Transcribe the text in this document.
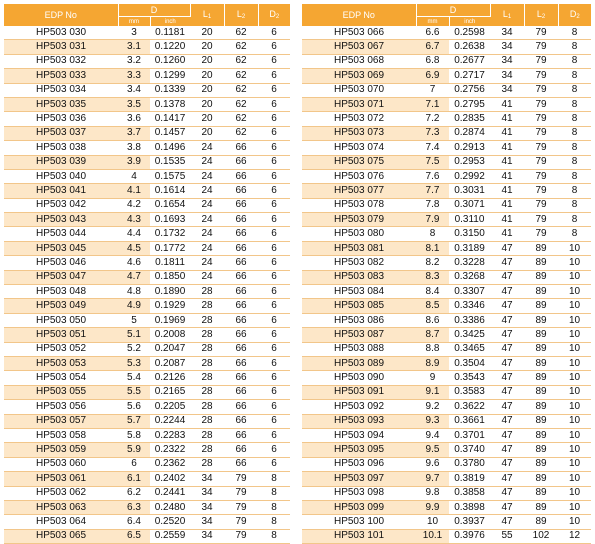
EDP No	D		$L_1$	$L_2$	$D_2$
	mm	inch			
HP503 030	3	0.1181	20	62	6
HP503 031	3.1	0.1220	20	62	6
HP503 032	3.2	0.1260	20	62	6
HP503 033	3.3	0.1299	20	62	6
HP503 034	3.4	0.1339	20	62	6
HP503 035	3.5	0.1378	20	62	6
HP503 036	3.6	0.1417	20	62	6
HP503 037	3.7	0.1457	20	62	6
HP503 038	3.8	0.1496	24	66	6
HP503 039	3.9	0.1535	24	66	6
HP503 040	4	0.1575	24	66	6
HP503 041	4.1	0.1614	24	66	6
HP503 042	4.2	0.1654	24	66	6
HP503 043	4.3	0.1693	24	66	6
HP503 044	4.4	0.1732	24	66	6
HP503 045	4.5	0.1772	24	66	6
HP503 046	4.6	0.1811	24	66	6
HP503 047	4.7	0.1850	24	66	6
HP503 048	4.8	0.1890	28	66	6
HP503 049	4.9	0.1929	28	66	6
HP503 050	5	0.1969	28	66	6
HP503 051	5.1	0.2008	28	66	6
HP503 052	5.2	0.2047	28	66	6
HP503 053	5.3	0.2087	28	66	6
HP503 054	5.4	0.2126	28	66	6
HP503 055	5.5	0.2165	28	66	6
HP503 056	5.6	0.2205	28	66	6
HP503 057	5.7	0.2244	28	66	6
HP503 058	5.8	0.2283	28	66	6
HP503 059	5.9	0.2322	28	66	6
HP503 060	6	0.2362	28	66	6
HP503 061	6.1	0.2402	34	79	8
HP503 062	6.2	0.2441	34	79	8
HP503 063	6.3	0.2480	34	79	8
HP503 064	6.4	0.2520	34	79	8
HP503 065	6.5	0.2559	34	79	8
EDP No	D		$L_1$	$L_2$	$D_2$
	mm	inch			
HP503 066	6.6	0.2598	34	79	8
HP503 067	6.7	0.2638	34	79	8
HP503 068	6.8	0.2677	34	79	8
HP503 069	6.9	0.2717	34	79	8
HP503 070	7	0.2756	34	79	8
HP503 071	7.1	0.2795	41	79	8
HP503 072	7.2	0.2835	41	79	8
HP503 073	7.3	0.2874	41	79	8
HP503 074	7.4	0.2913	41	79	8
HP503 075	7.5	0.2953	41	79	8
HP503 076	7.6	0.2992	41	79	8
HP503 077	7.7	0.3031	41	79	8
HP503 078	7.8	0.3071	41	79	8
HP503 079	7.9	0.3110	41	79	8
HP503 080	8	0.3150	41	79	8
HP503 081	8.1	0.3189	47	89	10
HP503 082	8.2	0.3228	47	89	10
HP503 083	8.3	0.3268	47	89	10
HP503 084	8.4	0.3307	47	89	10
HP503 085	8.5	0.3346	47	89	10
HP503 086	8.6	0.3386	47	89	10
HP503 087	8.7	0.3425	47	89	10
HP503 088	8.8	0.3465	47	89	10
HP503 089	8.9	0.3504	47	89	10
HP503 090	9	0.3543	47	89	10
HP503 091	9.1	0.3583	47	89	10
HP503 092	9.2	0.3622	47	89	10
HP503 093	9.3	0.3661	47	89	10
HP503 094	9.4	0.3701	47	89	10
HP503 095	9.5	0.3740	47	89	10
HP503 096	9.6	0.3780	47	89	10
HP503 097	9.7	0.3819	47	89	10
HP503 098	9.8	0.3858	47	89	10
HP503 099	9.9	0.3898	47	89	10
HP503 100	10	0.3937	47	89	10
HP503 101	10.1	0.3976	55	102	12
